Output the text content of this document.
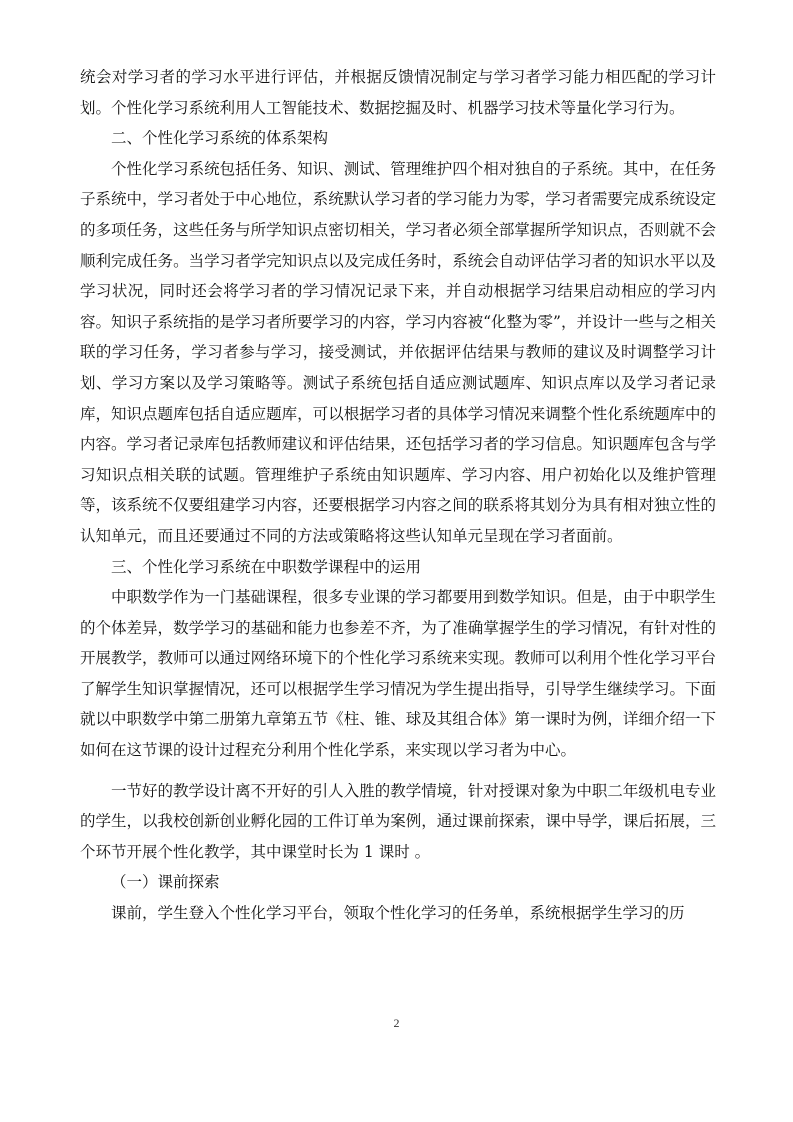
统会对学习者的学习水平进行评估，并根据反馈情况制定与学习者学习能力相匹配的学习计划。个性化学习系统利用人工智能技术、数据挖掘及时、机器学习技术等量化学习行为。

二、个性化学习系统的体系架构

个性化学习系统包括任务、知识、测试、管理维护四个相对独自的子系统。其中，在任务子系统中，学习者处于中心地位，系统默认学习者的学习能力为零，学习者需要完成系统设定的多项任务，这些任务与所学知识点密切相关，学习者必须全部掌握所学知识点，否则就不会顺利完成任务。当学习者学完知识点以及完成任务时，系统会自动评估学习者的知识水平以及学习状况，同时还会将学习者的学习情况记录下来，并自动根据学习结果启动相应的学习内容。知识子系统指的是学习者所要学习的内容，学习内容被“化整为零”，并设计一些与之相关联的学习任务，学习者参与学习，接受测试，并依据评估结果与教师的建议及时调整学习计划、学习方案以及学习策略等。测试子系统包括自适应测试题库、知识点库以及学习者记录库，知识点题库包括自适应题库，可以根据学习者的具体学习情况来调整个性化系统题库中的内容。学习者记录库包括教师建议和评估结果，还包括学习者的学习信息。知识题库包含与学习知识点相关联的试题。管理维护子系统由知识题库、学习内容、用户初始化以及维护管理等，该系统不仅要组建学习内容，还要根据学习内容之间的联系将其划分为具有相对独立性的认知单元，而且还要通过不同的方法或策略将这些认知单元呈现在学习者面前。

三、个性化学习系统在中职数学课程中的运用

中职数学作为一门基础课程，很多专业课的学习都要用到数学知识。但是，由于中职学生的个体差异，数学学习的基础和能力也参差不齐，为了准确掌握学生的学习情况，有针对性的开展教学，教师可以通过网络环境下的个性化学习系统来实现。教师可以利用个性化学习平台了解学生知识掌握情况，还可以根据学生学习情况为学生提出指导，引导学生继续学习。下面就以中职数学中第二册第九章第五节《柱、锥、球及其组合体》第一课时为例，详细介绍一下如何在这节课的设计过程充分利用个性化学系，来实现以学习者为中心。

一节好的教学设计离不开好的引人入胜的教学情境，针对授课对象为中职二年级机电专业的学生，以我校创新创业孵化园的工件订单为案例，通过课前探索，课中导学，课后拓展，三个环节开展个性化教学，其中课堂时长为 1 课时 。

（一）课前探索

课前，学生登入个性化学习平台，领取个性化学习的任务单，系统根据学生学习的历

2
